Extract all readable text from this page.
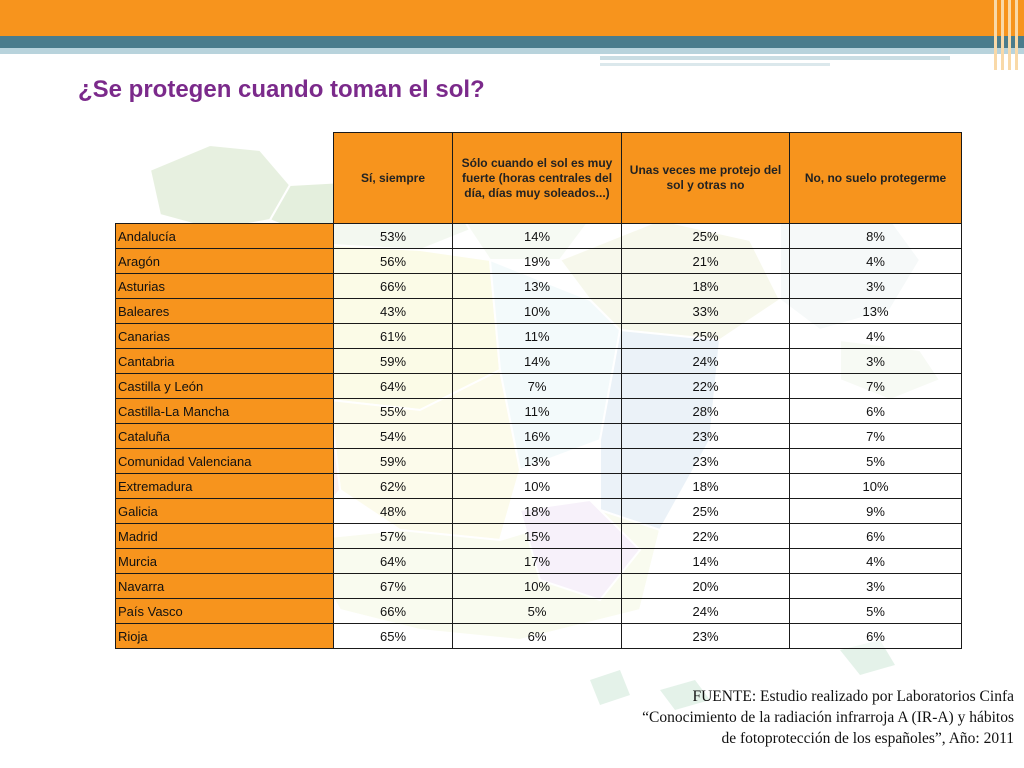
¿Se protegen cuando toman el sol?
	Sí, siempre	Sólo cuando el sol es muy fuerte (horas centrales del día, días muy soleados...)	Unas veces me protejo del sol y otras no	No, no suelo protegerme
Andalucía	53%	14%	25%	8%
Aragón	56%	19%	21%	4%
Asturias	66%	13%	18%	3%
Baleares	43%	10%	33%	13%
Canarias	61%	11%	25%	4%
Cantabria	59%	14%	24%	3%
Castilla y León	64%	7%	22%	7%
Castilla-La Mancha	55%	11%	28%	6%
Cataluña	54%	16%	23%	7%
Comunidad Valenciana	59%	13%	23%	5%
Extremadura	62%	10%	18%	10%
Galicia	48%	18%	25%	9%
Madrid	57%	15%	22%	6%
Murcia	64%	17%	14%	4%
Navarra	67%	10%	20%	3%
País Vasco	66%	5%	24%	5%
Rioja	65%	6%	23%	6%
FUENTE: Estudio realizado por Laboratorios Cinfa
“Conocimiento de la radiación infrarroja A (IR-A) y hábitos
de fotoprotección de los españoles”, Año: 2011
